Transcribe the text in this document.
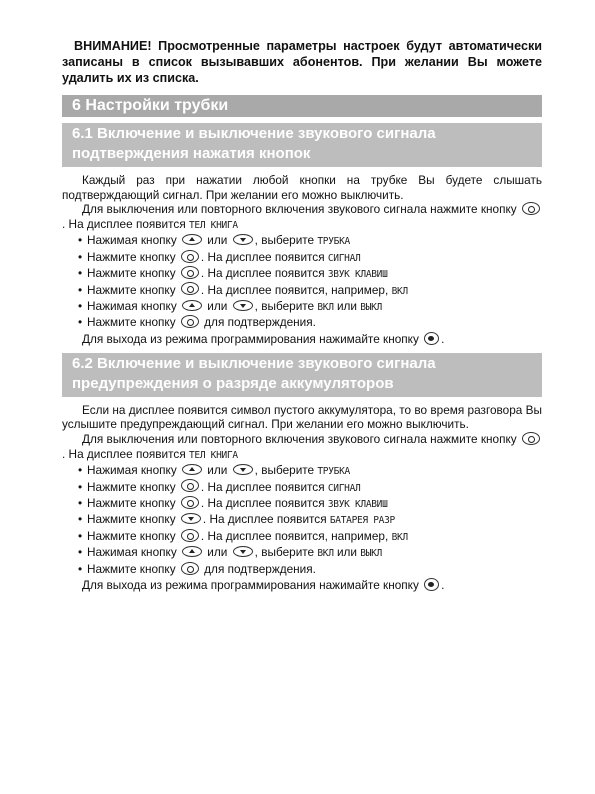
ВНИМАНИЕ! Просмотренные параметры настроек будут автоматически записаны в список вызывавших абонентов. При желании Вы можете удалить их из списка.

6 Настройки трубки
6.1 Включение и выключение звукового сигнала подтверждения нажатия кнопок

Каждый раз при нажатии любой кнопки на трубке Вы будете слышать подтверждающий сигнал. При желании его можно выключить.

Для выключения или повторного включения звукового сигнала нажмите кнопку . На дисплее появится ТЕЛ КНИГА

• Нажимая кнопку	или , выберите ТРУБКА
• Нажмите кнопку . На дисплее появится СИГНАЛ
• Нажмите кнопку . На дисплее появится ЗВУК КЛАВИШ
• Нажмите кнопку . На дисплее появится, например, ВКЛ
• Нажимая кнопку	или , выберите ВКЛ или ВЫКЛ
• Нажмите кнопку для подтверждения.

Для выхода из режима программирования нажимайте кнопку .

6.2 Включение и выключение звукового сигнала предупреждения о разряде аккумуляторов

Если на дисплее появится символ пустого аккумулятора, то во время разговора Вы услышите предупреждающий сигнал. При желании его можно выключить.

Для выключения или повторного включения звукового сигнала нажмите кнопку . На дисплее появится ТЕЛ КНИГА

• Нажимая кнопку	или , выберите ТРУБКА
• Нажмите кнопку . На дисплее появится СИГНАЛ
• Нажмите кнопку . На дисплее появится ЗВУК КЛАВИШ
• Нажмите кнопку . На дисплее появится БАТАРЕЯ РАЗР
• Нажмите кнопку . На дисплее появится, например, ВКЛ
• Нажимая кнопку	или , выберите ВКЛ или ВЫКЛ
• Нажмите кнопку для подтверждения.

Для выхода из режима программирования нажимайте кнопку .
